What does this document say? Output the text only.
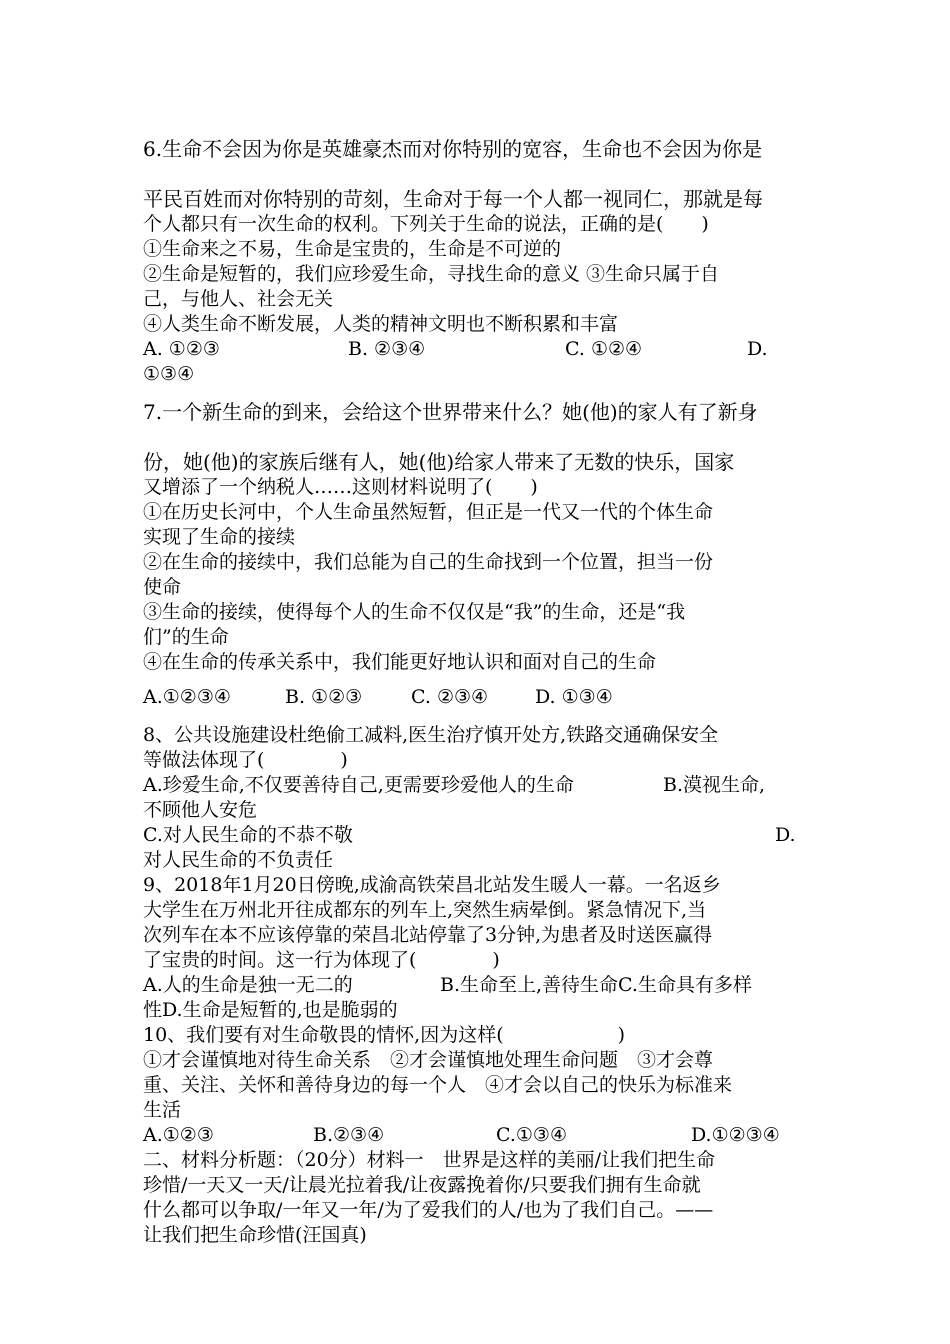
6.生命不会因为你是英雄豪杰而对你特别的宽容，生命也不会因为你是
平民百姓而对你特别的苛刻，生命对于每一个人都一视同仁，那就是每
个人都只有一次生命的权利。下列关于生命的说法，正确的是(　　)
①生命来之不易，生命是宝贵的，生命是不可逆的
②生命是短暂的，我们应珍爱生命，寻找生命的意义 ③生命只属于自
己，与他人、社会无关
④人类生命不断发展，人类的精神文明也不断积累和丰富
A. ①②③	B. ②③④	C. ①②④	D.
①③④
7.一个新生命的到来，会给这个世界带来什么？她(他)的家人有了新身
份，她(他)的家族后继有人，她(他)给家人带来了无数的快乐，国家
又增添了一个纳税人……这则材料说明了(　　)
①在历史长河中，个人生命虽然短暂，但正是一代又一代的个体生命
实现了生命的接续
②在生命的接续中，我们总能为自己的生命找到一个位置，担当一份
使命
③生命的接续，使得每个人的生命不仅仅是“我”的生命，还是“我
们”的生命
④在生命的传承关系中，我们能更好地认识和面对自己的生命
A.①②③④	B. ①②③	C. ②③④ D. ①③④
8、公共设施建设杜绝偷工减料,医生治疗慎开处方,铁路交通确保安全
等做法体现了(　　　　)
A.珍爱生命,不仅要善待自己,更需要珍爱他人的生命	B.漠视生命,
不顾他人安危
C.对人民生命的不恭不敬	D.
对人民生命的不负责任
9、2018年1月20日傍晚,成渝高铁荣昌北站发生暖人一幕。一名返乡
大学生在万州北开往成都东的列车上,突然生病晕倒。紧急情况下,当
次列车在本不应该停靠的荣昌北站停靠了3分钟,为患者及时送医赢得
了宝贵的时间。这一行为体现了(　　　　)
A.人的生命是独一无二的	B.生命至上,善待生命C.生命具有多样
性D.生命是短暂的,也是脆弱的
10、我们要有对生命敬畏的情怀,因为这样(　　　　　　)
①才会谨慎地对待生命关系　②才会谨慎地处理生命问题　③才会尊
重、关注、关怀和善待身边的每一个人　④才会以自己的快乐为标准来
生活
A.①②③	B.②③④	C.①③④	D.①②③④
二、材料分析题：（20分）材料一　世界是这样的美丽/让我们把生命
珍惜/一天又一天/让晨光拉着我/让夜露挽着你/只要我们拥有生命就
什么都可以争取/一年又一年/为了爱我们的人/也为了我们自己。——
让我们把生命珍惜(汪国真)
